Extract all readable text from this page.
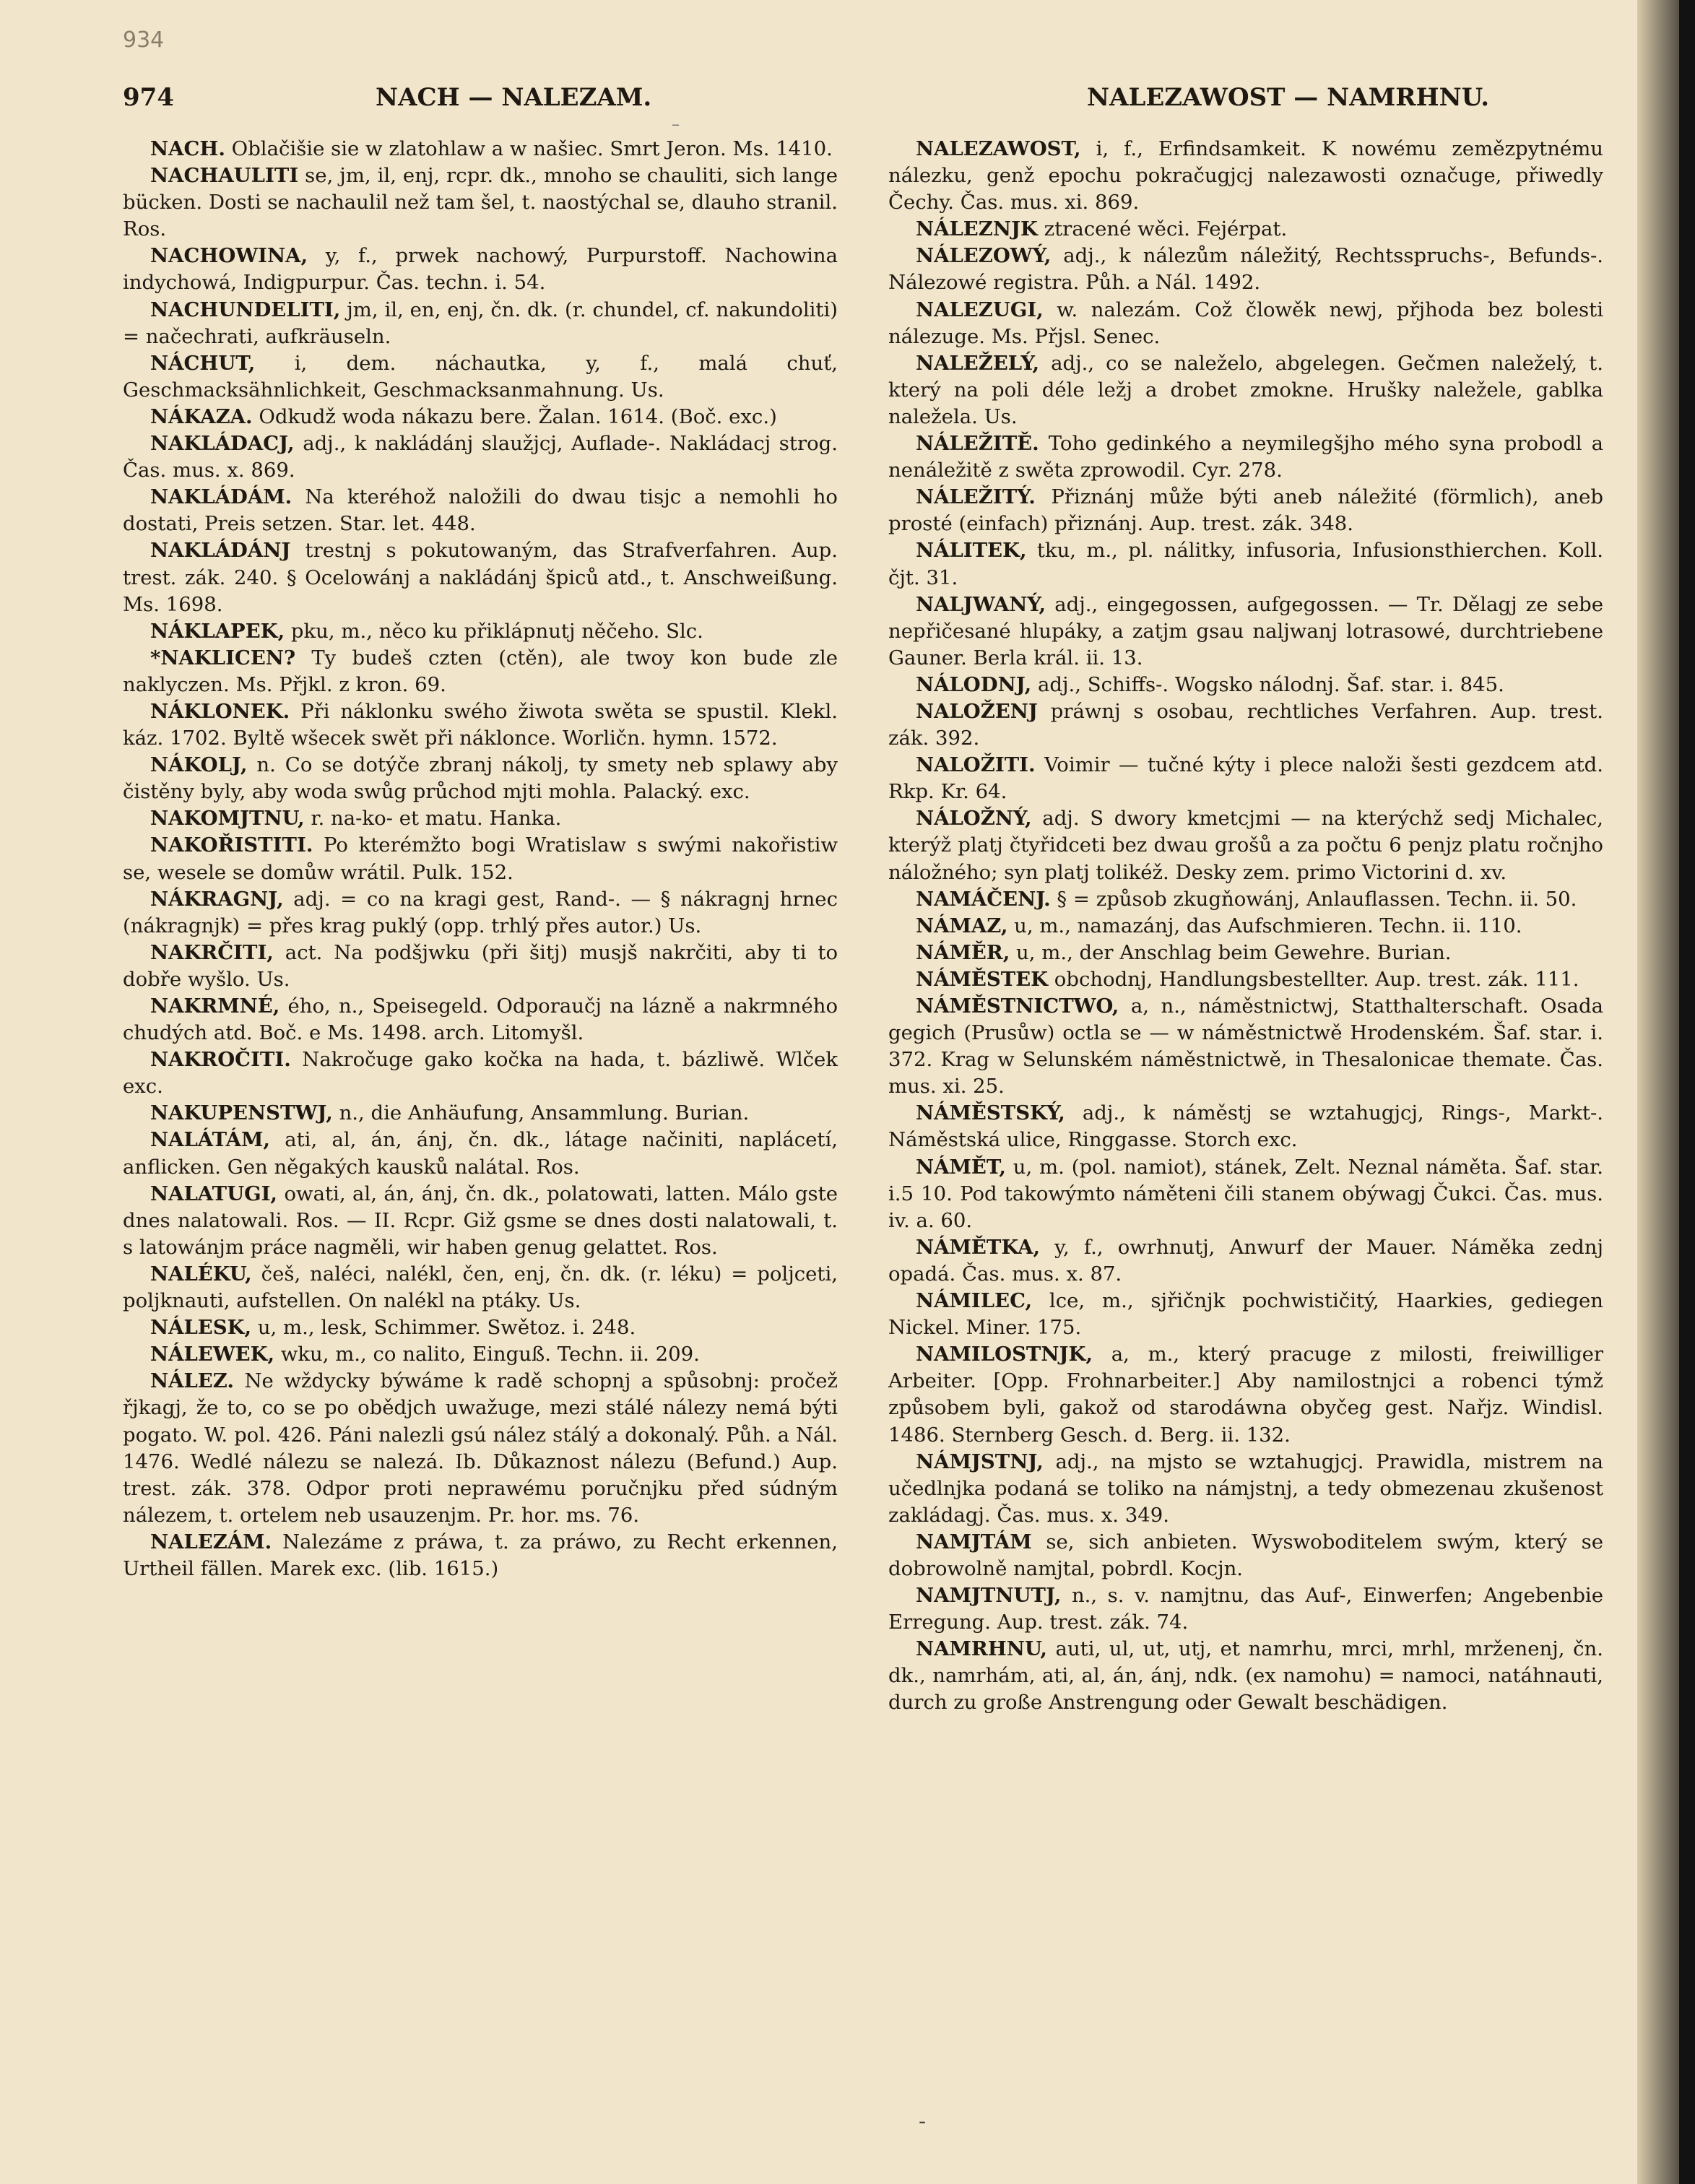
934
974	NACH — NALEZAM.	NALEZAWOST — NAMRHNU.
–

NACH. Oblačišie sie w zlatohlaw a w našiec. Smrt Jeron. Ms. 1410.

NACHAULITI se, jm, il, enj, rcpr. dk., mnoho se chauliti, sich lange bücken. Dosti se nachaulil než tam šel, t. naostýchal se, dlauho stranil. Ros.

NACHOWINA, y, f., prwek nachowý, Purpurstoff. Nachowina indychowá, Indigpurpur. Čas. techn. i. 54.

NACHUNDELITI, jm, il, en, enj, čn. dk. (r. chundel, cf. nakundoliti) = načechrati, aufkräuseln.

NÁCHUT, i, dem. náchautka, y, f., malá chuť, Geschmacksähnlichkeit, Geschmacksanmahnung. Us.

NÁKAZA. Odkudž woda nákazu bere. Žalan. 1614. (Boč. exc.)

NAKLÁDACJ, adj., k nakládánj slaužjcj, Auflade-. Nakládacj strog. Čas. mus. x. 869.

NAKLÁDÁM. Na kteréhož naložili do dwau tisjc a nemohli ho dostati, Preis setzen. Star. let. 448.

NAKLÁDÁNJ trestnj s pokutowaným, das Strafverfahren. Aup. trest. zák. 240. § Ocelowánj a nakládánj špiců atd., t. Anschweißung. Ms. 1698.

NÁKLAPEK, pku, m., něco ku přiklápnutj něčeho. Slc.

*NAKLICEN? Ty budeš czten (ctěn), ale twoy kon bude zle naklyczen. Ms. Přjkl. z kron. 69.

NÁKLONEK. Při náklonku swého žiwota swěta se spustil. Klekl. káz. 1702. Byltě wšecek swět při náklonce. Worličn. hymn. 1572.

NÁKOLJ, n. Co se dotýče zbranj nákolj, ty smety neb splawy aby čistěny byly, aby woda swůg průchod mjti mohla. Palacký. exc.

NAKOMJTNU, r. na-ko- et matu. Hanka.

NAKOŘISTITI. Po kterémžto bogi Wratislaw s swými nakořistiw se, wesele se domůw wrátil. Pulk. 152.

NÁKRAGNJ, adj. = co na kragi gest, Rand-. — § nákragnj hrnec (nákragnjk) = přes krag puklý (opp. trhlý přes autor.) Us.

NAKRČITI, act. Na podšjwku (při šitj) musjš nakrčiti, aby ti to dobře wyšlo. Us.

NAKRMNÉ, ého, n., Speisegeld. Odporaučj na lázně a nakrmného chudých atd. Boč. e Ms. 1498. arch. Litomyšl.

NAKROČITI. Nakročuge gako kočka na hada, t. bázliwě. Wlček exc.

NAKUPENSTWJ, n., die Anhäufung, Ansammlung. Burian.

NALÁTÁM, ati, al, án, ánj, čn. dk., látage načiniti, naplácetí, anflicken. Gen něgakých kausků nalátal. Ros.

NALATUGI, owati, al, án, ánj, čn. dk., polatowati, latten. Málo gste dnes nalatowali. Ros. — II. Rcpr. Giž gsme se dnes dosti nalatowali, t. s latowánjm práce nagměli, wir haben genug gelattet. Ros.

NALÉKU, češ, naléci, nalékl, čen, enj, čn. dk. (r. léku) = poljceti, poljknauti, aufstellen. On nalékl na ptáky. Us.

NÁLESK, u, m., lesk, Schimmer. Swětoz. i. 248.

NÁLEWEK, wku, m., co nalito, Einguß. Techn. ii. 209.

NÁLEZ. Ne wždycky býwáme k radě schopnj a spůsobnj: pročež řjkagj, že to, co se po obědjch uwažuge, mezi stálé nálezy nemá býti pogato. W. pol. 426. Páni nalezli gsú nález stálý a dokonalý. Půh. a Nál. 1476. Wedlé nálezu se nalezá. Ib. Důkaznost nálezu (Befund.) Aup. trest. zák. 378. Odpor proti neprawému poručnjku před súdným nálezem, t. ortelem neb usauzenjm. Pr. hor. ms. 76.

NALEZÁM. Nalezáme z práwa, t. za práwo, zu Recht erkennen, Urtheil fällen. Marek exc. (lib. 1615.)

NALEZAWOST, i, f., Erfindsamkeit. K nowému zemězpytnému nálezku, genž epochu pokračugjcj nalezawosti označuge, přiwedly Čechy. Čas. mus. xi. 869.

NÁLEZNJK ztracené wěci. Fejérpat.

NÁLEZOWÝ, adj., k nálezům náležitý, Rechtsspruchs-, Befunds-. Nálezowé registra. Půh. a Nál. 1492.

NALEZUGI, w. nalezám. Což člowěk newj, přjhoda bez bolesti nálezuge. Ms. Přjsl. Senec.

NALEŽELÝ, adj., co se naleželo, abgelegen. Gečmen naleželý, t. který na poli déle ležj a drobet zmokne. Hrušky naležele, gablka naležela. Us.

NÁLEŽITĚ. Toho gedinkého a neymilegšjho mého syna probodl a nenáležitě z swěta zprowodil. Cyr. 278.

NÁLEŽITÝ. Přiznánj může býti aneb náležité (förmlich), aneb prosté (einfach) přiznánj. Aup. trest. zák. 348.

NÁLITEK, tku, m., pl. nálitky, infusoria, Infusionsthierchen. Koll. čjt. 31.

NALJWANÝ, adj., eingegossen, aufgegossen. — Tr. Dělagj ze sebe nepřičesané hlupáky, a zatjm gsau naljwanj lotrasowé, durchtriebene Gauner. Berla král. ii. 13.

NÁLODNJ, adj., Schiffs-. Wogsko nálodnj. Šaf. star. i. 845.

NALOŽENJ práwnj s osobau, rechtliches Verfahren. Aup. trest. zák. 392.

NALOŽITI. Voimir — tučné kýty i plece naloži šesti gezdcem atd. Rkp. Kr. 64.

NÁLOŽNÝ, adj. S dwory kmetcjmi — na kterýchž sedj Michalec, kterýž platj čtyřidceti bez dwau grošů a za počtu 6 penjz platu ročnjho náložného; syn platj tolikéž. Desky zem. primo Victorini d. xv.

NAMÁČENJ. § = způsob zkugňowánj, Anlauflassen. Techn. ii. 50.

NÁMAZ, u, m., namazánj, das Aufschmieren. Techn. ii. 110.

NÁMĚR, u, m., der Anschlag beim Gewehre. Burian.

NÁMĚSTEK obchodnj, Handlungsbestellter. Aup. trest. zák. 111.

NÁMĚSTNICTWO, a, n., náměstnictwj, Statthalterschaft. Osada gegich (Prusůw) octla se — w náměstnictwě Hrodenském. Šaf. star. i. 372. Krag w Selunském náměstnictwě, in Thesalonicae themate. Čas. mus. xi. 25.

NÁMĚSTSKÝ, adj., k náměstj se wztahugjcj, Rings-, Markt-. Náměstská ulice, Ringgasse. Storch exc.

NÁMĚT, u, m. (pol. namiot), stánek, Zelt. Neznal náměta. Šaf. star. i.5 10. Pod takowýmto náměteni čili stanem obýwagj Čukci. Čas. mus. iv. a. 60.

NÁMĚTKA, y, f., owrhnutj, Anwurf der Mauer. Náměka zednj opadá. Čas. mus. x. 87.

NÁMILEC, lce, m., sjřičnjk pochwističitý, Haarkies, gediegen Nickel. Miner. 175.

NAMILOSTNJK, a, m., který pracuge z milosti, freiwilliger Arbeiter. [Opp. Frohnarbeiter.] Aby namilostnjci a robenci týmž způsobem byli, gakož od starodáwna obyčeg gest. Nařjz. Windisl. 1486. Sternberg Gesch. d. Berg. ii. 132.

NÁMJSTNJ, adj., na mjsto se wztahugjcj. Prawidla, mistrem na učedlnjka podaná se toliko na námjstnj, a tedy obmezenau zkušenost zakládagj. Čas. mus. x. 349.

NAMJTÁM se, sich anbieten. Wyswoboditelem swým, který se dobrowolně namjtal, pobrdl. Kocjn.

NAMJTNUTJ, n., s. v. namjtnu, das Auf-, Einwerfen; Angebenbie Erregung. Aup. trest. zák. 74.

NAMRHNU, auti, ul, ut, utj, et namrhu, mrci, mrhl, mrženenj, čn. dk., namrhám, ati, al, án, ánj, ndk. (ex namohu) = namoci, natáhnauti, durch zu große Anstrengung oder Gewalt beschädigen.

-
